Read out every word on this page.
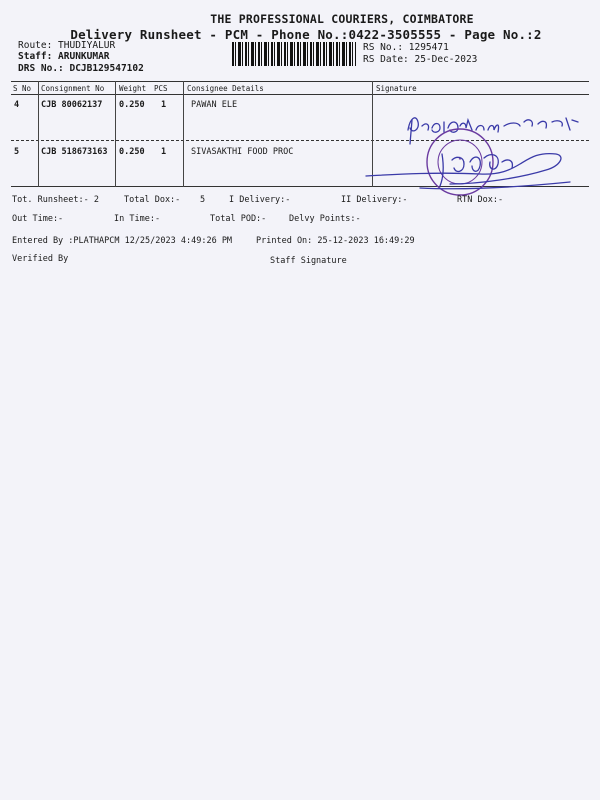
THE PROFESSIONAL COURIERS, COIMBATORE
Delivery Runsheet - PCM - Phone No.:0422-3505555 - Page No.:2
Route: THUDIYALUR
Staff: ARUNKUMAR
DRS No.: DCJB129547102
RS No.: 1295471
RS Date: 25-Dec-2023
S No Consignment No Weight PCS	Consignee Details	Signature
4	CJB 80062137 0.250 1	PAWAN ELE
5	CJB 518673163 0.250 1	SIVASAKTHI FOOD PROC
★
Tot. Runsheet:- 2	Total Dox:- 5	I Delivery:-	II Delivery:-	RTN Dox:-
Out Time:-	In Time:-	Total POD:-	Delvy Points:-
Entered By :PLATHAPCM 12/25/2023 4:49:26 PM	Printed On: 25-12-2023 16:49:29
Verified By	Staff Signature
